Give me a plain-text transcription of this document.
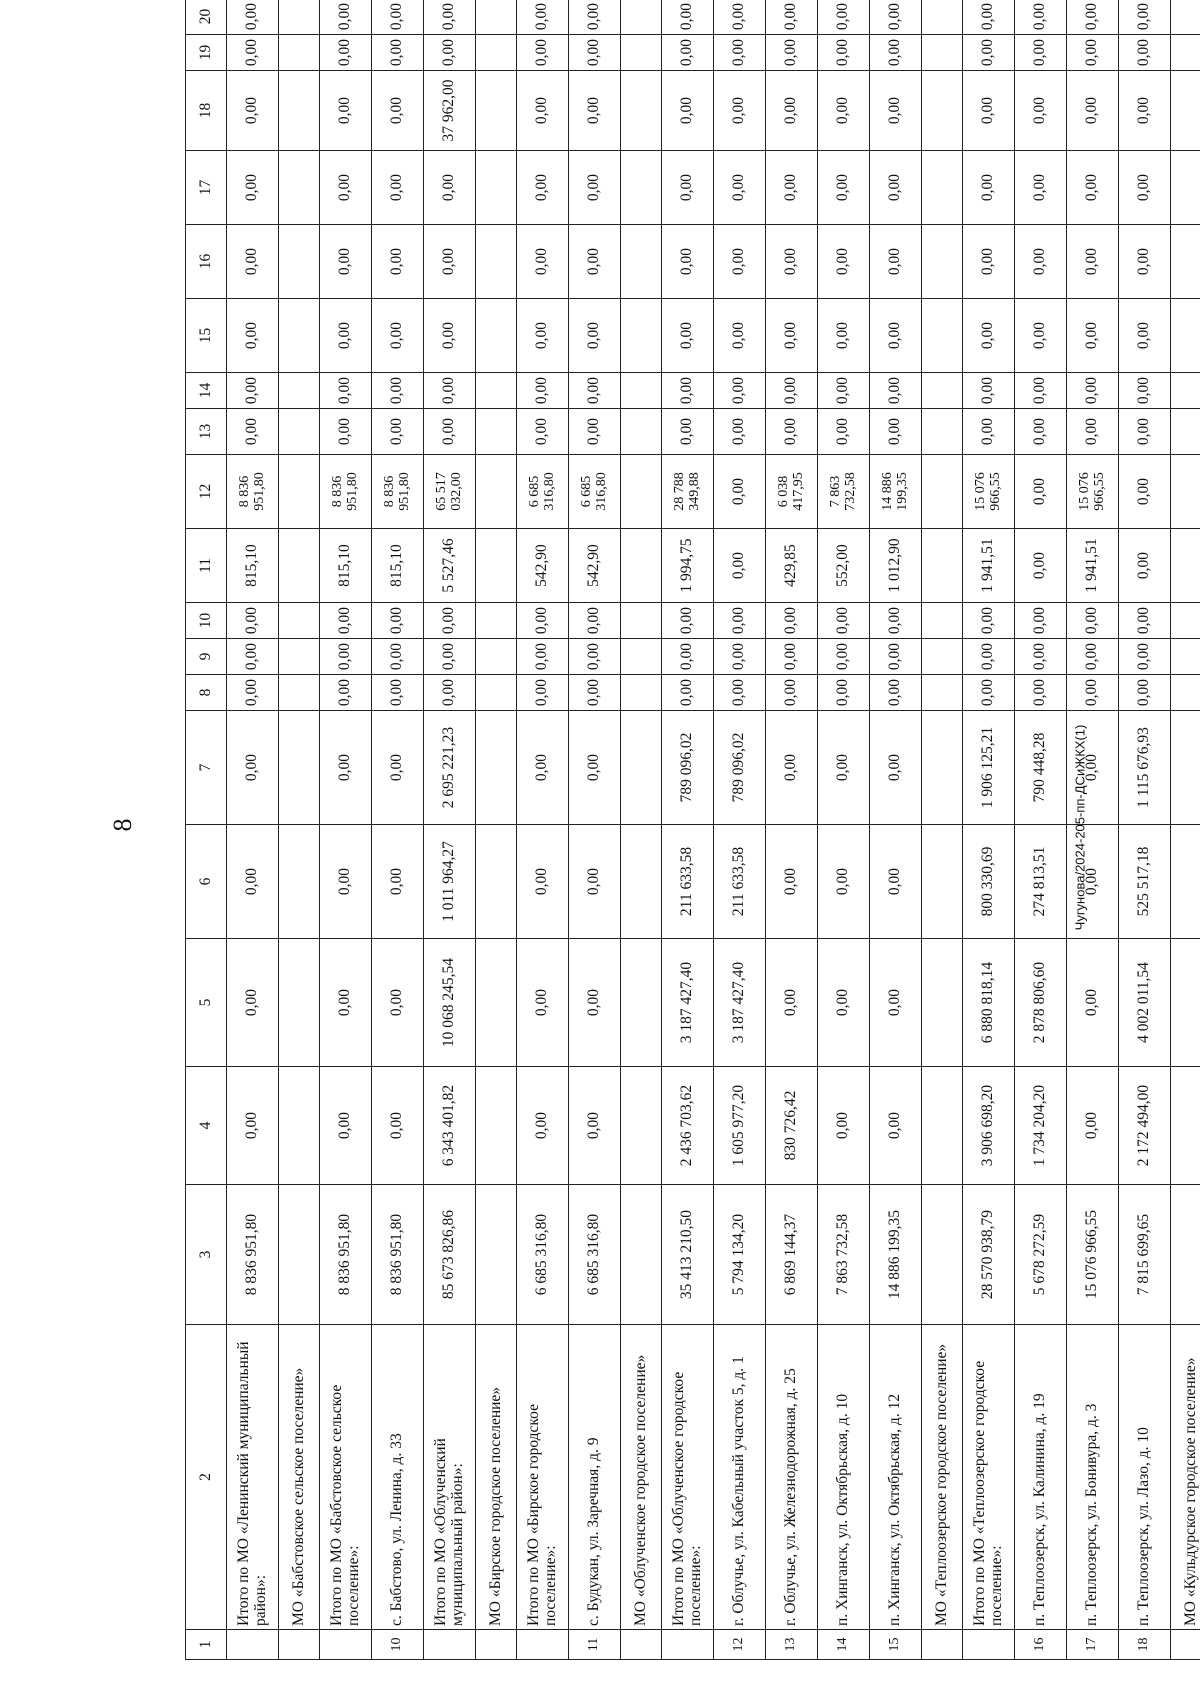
8	Чугунова/2024-205-пп-ДСиЖКХ(1)
1	2	3	4	5	6	7	8	9	10	11	12	13	14	15	16	17	18	19	20
	Итого по МО «Ленинский муниципальный район»:	8 836 951,80	0,00	0,00	0,00	0,00	0,00	0,00	0,00	815,10	8 836 951,80	0,00	0,00	0,00	0,00	0,00	0,00	0,00	0,00
	МО «Бабстовское сельское поселение»																		
	Итого по МО «Бабстовское сельское поселение»:	8 836 951,80	0,00	0,00	0,00	0,00	0,00	0,00	0,00	815,10	8 836 951,80	0,00	0,00	0,00	0,00	0,00	0,00	0,00	0,00
10	с. Бабстово, ул. Ленина, д. 33	8 836 951,80	0,00	0,00	0,00	0,00	0,00	0,00	0,00	815,10	8 836 951,80	0,00	0,00	0,00	0,00	0,00	0,00	0,00	0,00
	Итого по МО «Облученский муниципальный район»:	85 673 826,86	6 343 401,82	10 068 245,54	1 011 964,27	2 695 221,23	0,00	0,00	0,00	5 527,46	65 517 032,00	0,00	0,00	0,00	0,00	0,00	37 962,00	0,00	0,00
	МО «Бирское городское поселение»																		
	Итого по МО «Бирское городское поселение»:	6 685 316,80	0,00	0,00	0,00	0,00	0,00	0,00	0,00	542,90	6 685 316,80	0,00	0,00	0,00	0,00	0,00	0,00	0,00	0,00
11	с. Будукан, ул. Заречная, д. 9	6 685 316,80	0,00	0,00	0,00	0,00	0,00	0,00	0,00	542,90	6 685 316,80	0,00	0,00	0,00	0,00	0,00	0,00	0,00	0,00
	МО «Облученское городское поселение»																		
	Итого по МО «Облученское городское поселение»:	35 413 210,50	2 436 703,62	3 187 427,40	211 633,58	789 096,02	0,00	0,00	0,00	1 994,75	28 788 349,88	0,00	0,00	0,00	0,00	0,00	0,00	0,00	0,00
12	г. Облучье, ул. Кабельный участок 5, д. 1	5 794 134,20	1 605 977,20	3 187 427,40	211 633,58	789 096,02	0,00	0,00	0,00	0,00	0,00	0,00	0,00	0,00	0,00	0,00	0,00	0,00	0,00
13	г. Облучье, ул. Железнодорожная, д. 25	6 869 144,37	830 726,42	0,00	0,00	0,00	0,00	0,00	0,00	429,85	6 038 417,95	0,00	0,00	0,00	0,00	0,00	0,00	0,00	0,00
14	п. Хинганск, ул. Октябрьская, д. 10	7 863 732,58	0,00	0,00	0,00	0,00	0,00	0,00	0,00	552,00	7 863 732,58	0,00	0,00	0,00	0,00	0,00	0,00	0,00	0,00
15	п. Хинганск, ул. Октябрьская, д. 12	14 886 199,35	0,00	0,00	0,00	0,00	0,00	0,00	0,00	1 012,90	14 886 199,35	0,00	0,00	0,00	0,00	0,00	0,00	0,00	0,00
	МО «Теплоозерское городское поселение»																		
	Итого по МО «Теплоозерское городское поселение»:	28 570 938,79	3 906 698,20	6 880 818,14	800 330,69	1 906 125,21	0,00	0,00	0,00	1 941,51	15 076 966,55	0,00	0,00	0,00	0,00	0,00	0,00	0,00	0,00
16	п. Теплоозерск, ул. Калинина, д. 19	5 678 272,59	1 734 204,20	2 878 806,60	274 813,51	790 448,28	0,00	0,00	0,00	0,00	0,00	0,00	0,00	0,00	0,00	0,00	0,00	0,00	0,00
17	п. Теплоозерск, ул. Бонивура, д. 3	15 076 966,55	0,00	0,00	0,00	0,00	0,00	0,00	0,00	1 941,51	15 076 966,55	0,00	0,00	0,00	0,00	0,00	0,00	0,00	0,00
18	п. Теплоозерск, ул. Лазо, д. 10	7 815 699,65	2 172 494,00	4 002 011,54	525 517,18	1 115 676,93	0,00	0,00	0,00	0,00	0,00	0,00	0,00	0,00	0,00	0,00	0,00	0,00	0,00
	МО «Кульдурское городское поселение»																		
